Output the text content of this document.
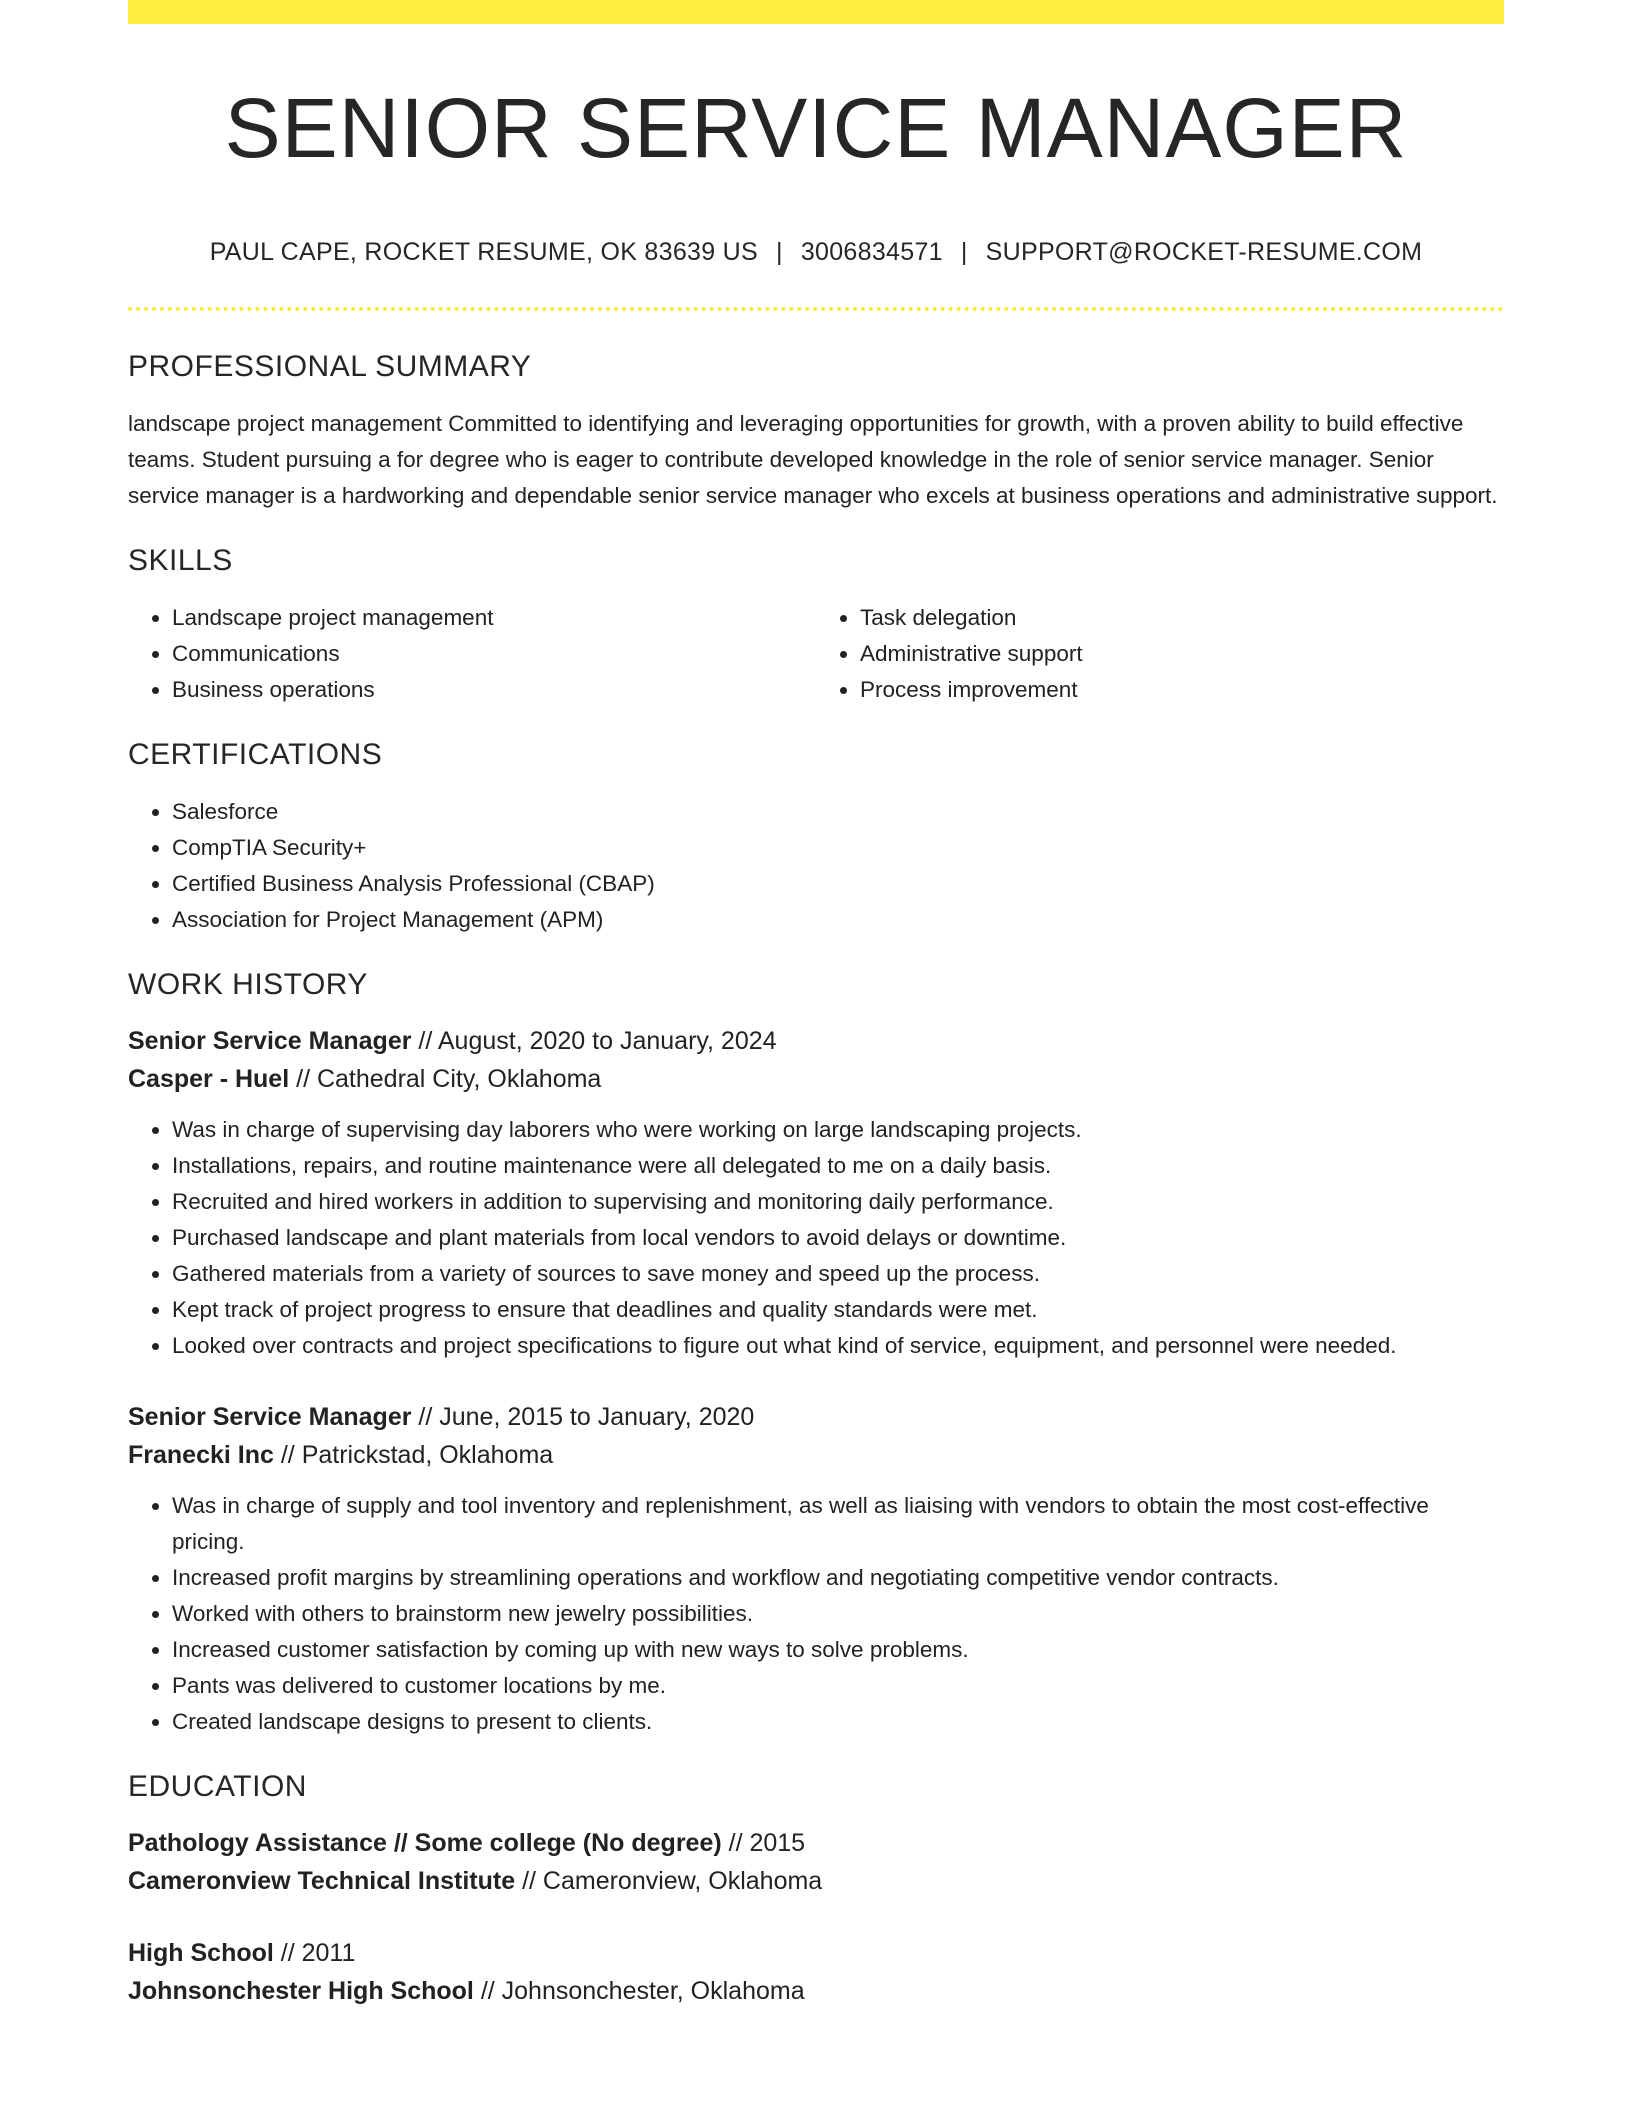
SENIOR SERVICE MANAGER
PAUL CAPE, ROCKET RESUME, OK 83639 US | 3006834571 | SUPPORT@ROCKET-RESUME.COM
PROFESSIONAL SUMMARY

landscape project management Committed to identifying and leveraging opportunities for growth, with a proven ability to build effective teams. Student pursuing a for degree who is eager to contribute developed knowledge in the role of senior service manager. Senior service manager is a hardworking and dependable senior service manager who excels at business operations and administrative support.

SKILLS
• Landscape project management
• Communications
• Business operations
• Task delegation
• Administrative support
• Process improvement
CERTIFICATIONS
• Salesforce
• CompTIA Security+
• Certified Business Analysis Professional (CBAP)
• Association for Project Management (APM)
WORK HISTORY
Senior Service Manager // August, 2020 to January, 2024
Casper - Huel // Cathedral City, Oklahoma
• Was in charge of supervising day laborers who were working on large landscaping projects.
• Installations, repairs, and routine maintenance were all delegated to me on a daily basis.
• Recruited and hired workers in addition to supervising and monitoring daily performance.
• Purchased landscape and plant materials from local vendors to avoid delays or downtime.
• Gathered materials from a variety of sources to save money and speed up the process.
• Kept track of project progress to ensure that deadlines and quality standards were met.
• Looked over contracts and project specifications to figure out what kind of service, equipment, and personnel were needed.
Senior Service Manager // June, 2015 to January, 2020
Franecki Inc // Patrickstad, Oklahoma
• Was in charge of supply and tool inventory and replenishment, as well as liaising with vendors to obtain the most cost-effective pricing.
• Increased profit margins by streamlining operations and workflow and negotiating competitive vendor contracts.
• Worked with others to brainstorm new jewelry possibilities.
• Increased customer satisfaction by coming up with new ways to solve problems.
• Pants was delivered to customer locations by me.
• Created landscape designs to present to clients.
EDUCATION
Pathology Assistance // Some college (No degree) // 2015
Cameronview Technical Institute // Cameronview, Oklahoma
High School // 2011
Johnsonchester High School // Johnsonchester, Oklahoma
